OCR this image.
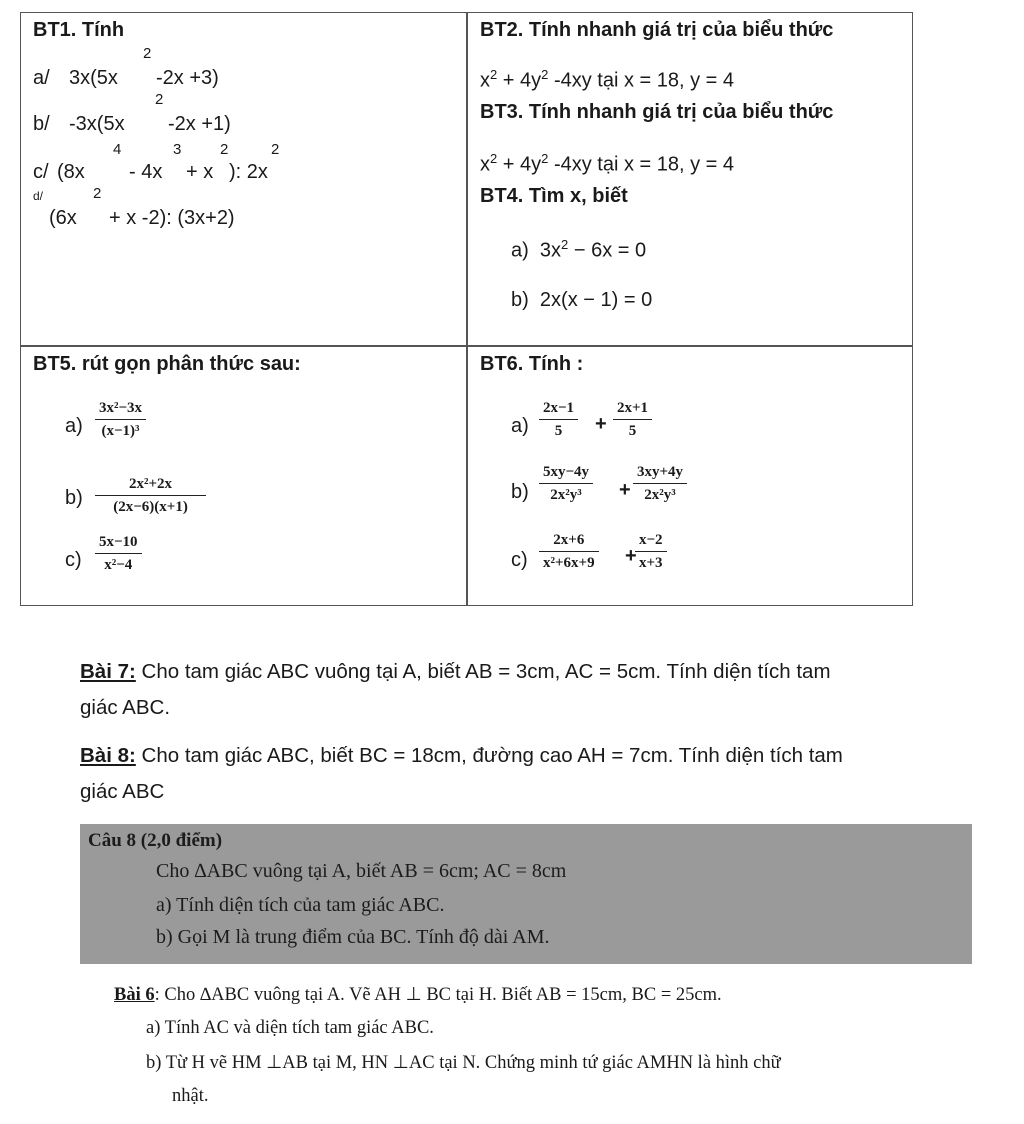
BT1. Tính
a/ 3x(5x
2
-2x +3)
b/ -3x(5x
2
-2x +1)
c/ (8x
4
- 4x
3
+ x
2
): 2x
2
d/
(6x
2
+ x -2): (3x+2)
BT2. Tính nhanh giá trị của biểu thức
$x^2 + 4y^2$ -4xy tại x = 18, y = 4
BT3. Tính nhanh giá trị của biểu thức
$x^2 + 4y^2$ -4xy tại x = 18, y = 4
BT4. Tìm x, biết
a) $3x^2 - 6x = 0$
b) 2x(x − 1) = 0
BT5. rút gọn phân thức sau:
$a) \frac{\text{3x²−3x}}{\text{(x−1)³}}$
$b) \frac{\text{2x²+2x}}{(2x-6)(x+1)}$
$c) \frac{5x-10}{\text{x²−4}}$
BT6. Tính :
$a) \frac{2x-1}{5} + \frac{2x+1}{5}$
$b) \frac{5xy-4y}{\text{2x²y³}} + \frac{3xy+4y}{\text{2x²y³}}$
$c) \frac{2x+6}{\text{x²+6x+9}}$ +
$\frac{x-2}{x+3}$
Bài 7: Cho tam giác ABC vuông tại A, biết AB = 3cm, AC = 5cm. Tính diện tích tam
giác ABC.
Bài 8: Cho tam giác ABC, biết BC = 18cm, đường cao AH = 7cm. Tính diện tích tam
giác ABC
Câu 8 (2,0 điểm)
Cho ∆ABC vuông tại A, biết AB = 6cm; AC = 8cm
a) Tính diện tích của tam giác ABC.
b) Gọi M là trung điểm của BC. Tính độ dài AM.
Bài 6: Cho ∆ABC vuông tại A. Vẽ AH ⊥ BC tại H. Biết AB = 15cm, BC = 25cm.
a) Tính AC và diện tích tam giác ABC.
b) Từ H vẽ HM ⊥AB tại M, HN ⊥AC tại N. Chứng minh tứ giác AMHN là hình chữ
nhật.
